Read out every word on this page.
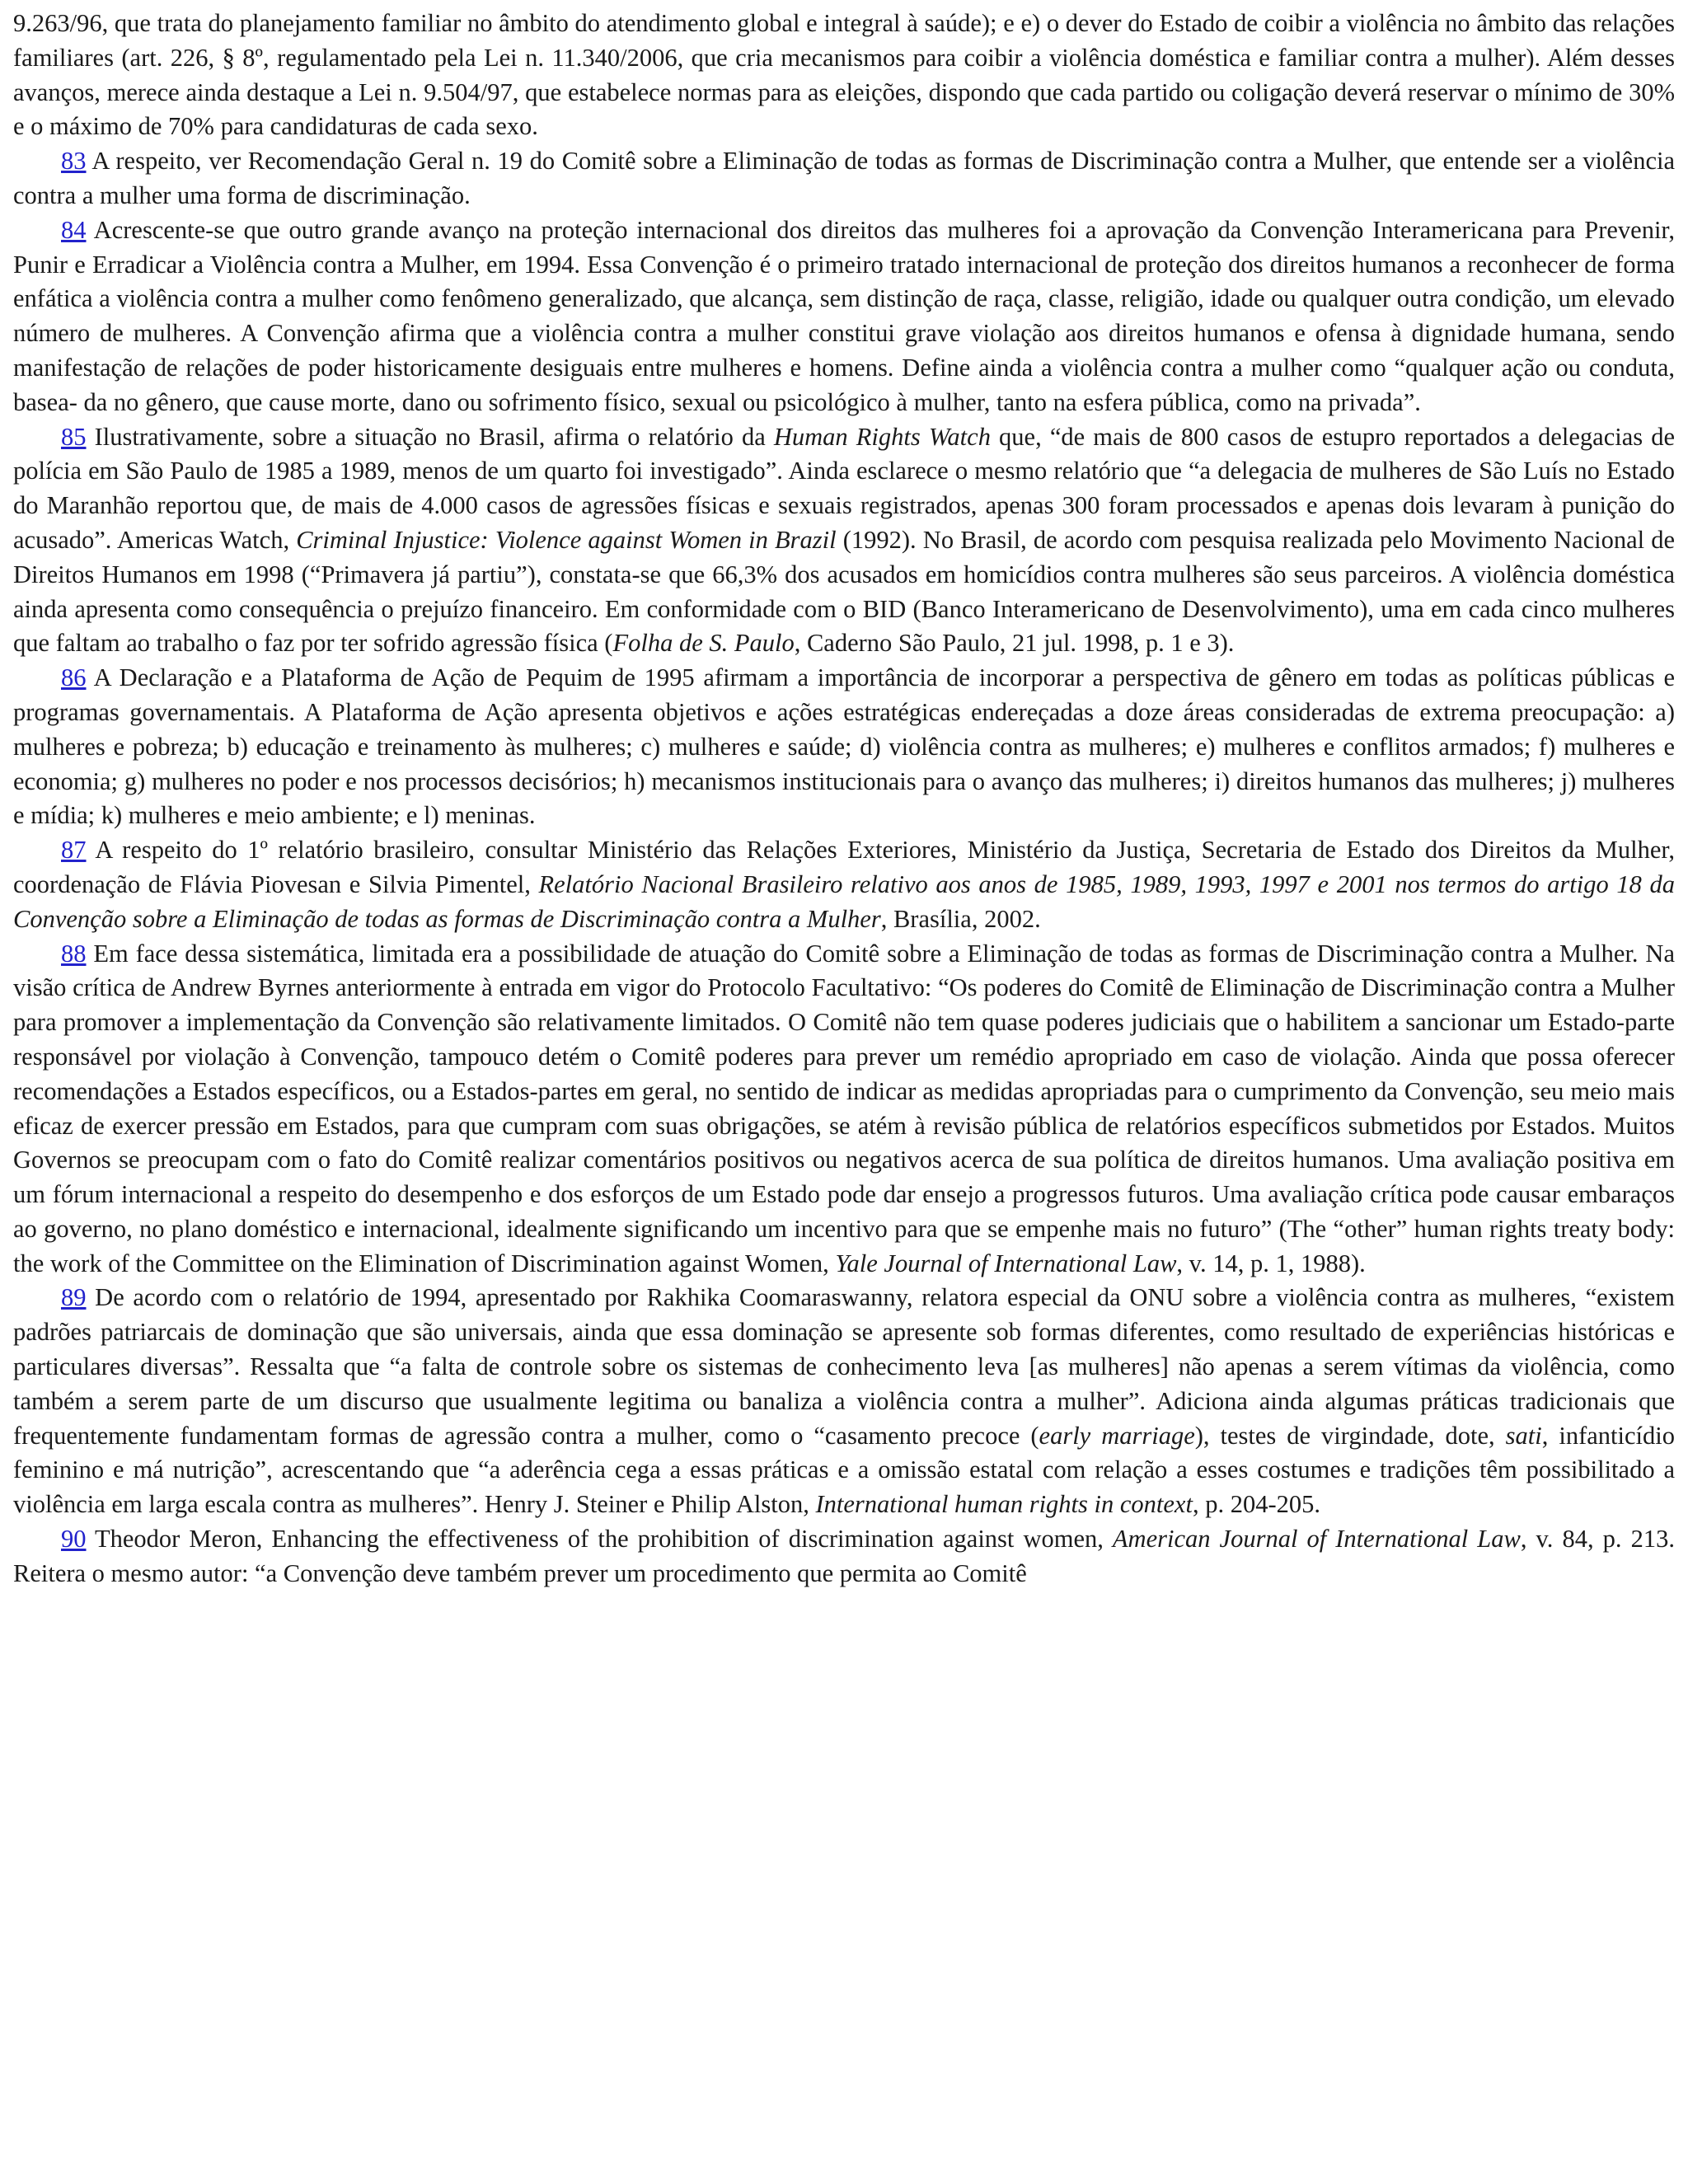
9.263/96, que trata do planejamento familiar no âmbito do atendimento global e integral à saúde); e e) o dever do Estado de coibir a violência no âmbito das relações familiares (art. 226, § 8º, regulamentado pela Lei n. 11.340/2006, que cria mecanismos para coibir a violência doméstica e familiar contra a mulher). Além desses avanços, merece ainda destaque a Lei n. 9.504/97, que estabelece normas para as eleições, dispondo que cada partido ou coligação deverá reservar o mínimo de 30% e o máximo de 70% para candidaturas de cada sexo.

83 A respeito, ver Recomendação Geral n. 19 do Comitê sobre a Eliminação de todas as formas de Discriminação contra a Mulher, que entende ser a violência contra a mulher uma forma de discriminação.

84 Acrescente-se que outro grande avanço na proteção internacional dos direitos das mulheres foi a aprovação da Convenção Interamericana para Prevenir, Punir e Erradicar a Violência contra a Mulher, em 1994. Essa Convenção é o primeiro tratado internacional de proteção dos direitos humanos a reconhecer de forma enfática a violência contra a mulher como fenômeno generalizado, que alcança, sem distinção de raça, classe, religião, idade ou qualquer outra condição, um elevado número de mulheres. A Convenção afirma que a violência contra a mulher constitui grave violação aos direitos humanos e ofensa à dignidade humana, sendo manifestação de relações de poder historicamente desiguais entre mulheres e homens. Define ainda a violência contra a mulher como “qualquer ação ou conduta, basea- da no gênero, que cause morte, dano ou sofrimento físico, sexual ou psicológico à mulher, tanto na esfera pública, como na privada”.

85 Ilustrativamente, sobre a situação no Brasil, afirma o relatório da Human Rights Watch que, “de mais de 800 casos de estupro reportados a delegacias de polícia em São Paulo de 1985 a 1989, menos de um quarto foi investigado”. Ainda esclarece o mesmo relatório que “a delegacia de mulheres de São Luís no Estado do Maranhão reportou que, de mais de 4.000 casos de agressões físicas e sexuais registrados, apenas 300 foram processados e apenas dois levaram à punição do acusado”. Americas Watch, Criminal Injustice: Violence against Women in Brazil (1992). No Brasil, de acordo com pesquisa realizada pelo Movimento Nacional de Direitos Humanos em 1998 (“Primavera já partiu”), constata-se que 66,3% dos acusados em homicídios contra mulheres são seus parceiros. A violência doméstica ainda apresenta como consequência o prejuízo financeiro. Em conformidade com o BID (Banco Interamericano de Desenvolvimento), uma em cada cinco mulheres que faltam ao trabalho o faz por ter sofrido agressão física (Folha de S. Paulo, Caderno São Paulo, 21 jul. 1998, p. 1 e 3).

86 A Declaração e a Plataforma de Ação de Pequim de 1995 afirmam a importância de incorporar a perspectiva de gênero em todas as políticas públicas e programas governamentais. A Plataforma de Ação apresenta objetivos e ações estratégicas endereçadas a doze áreas consideradas de extrema preocupação: a) mulheres e pobreza; b) educação e treinamento às mulheres; c) mulheres e saúde; d) violência contra as mulheres; e) mulheres e conflitos armados; f) mulheres e economia; g) mulheres no poder e nos processos decisórios; h) mecanismos institucionais para o avanço das mulheres; i) direitos humanos das mulheres; j) mulheres e mídia; k) mulheres e meio ambiente; e l) meninas.

87 A respeito do 1º relatório brasileiro, consultar Ministério das Relações Exteriores, Ministério da Justiça, Secretaria de Estado dos Direitos da Mulher, coordenação de Flávia Piovesan e Silvia Pimentel, Relatório Nacional Brasileiro relativo aos anos de 1985, 1989, 1993, 1997 e 2001 nos termos do artigo 18 da Convenção sobre a Eliminação de todas as formas de Discriminação contra a Mulher, Brasília, 2002.

88 Em face dessa sistemática, limitada era a possibilidade de atuação do Comitê sobre a Eliminação de todas as formas de Discriminação contra a Mulher. Na visão crítica de Andrew Byrnes anteriormente à entrada em vigor do Protocolo Facultativo: “Os poderes do Comitê de Eliminação de Discriminação contra a Mulher para promover a implementação da Convenção são relativamente limitados. O Comitê não tem quase poderes judiciais que o habilitem a sancionar um Estado-parte responsável por violação à Convenção, tampouco detém o Comitê poderes para prever um remédio apropriado em caso de violação. Ainda que possa oferecer recomendações a Estados específicos, ou a Estados-partes em geral, no sentido de indicar as medidas apropriadas para o cumprimento da Convenção, seu meio mais eficaz de exercer pressão em Estados, para que cumpram com suas obrigações, se atém à revisão pública de relatórios específicos submetidos por Estados. Muitos Governos se preocupam com o fato do Comitê realizar comentários positivos ou negativos acerca de sua política de direitos humanos. Uma avaliação positiva em um fórum internacional a respeito do desempenho e dos esforços de um Estado pode dar ensejo a progressos futuros. Uma avaliação crítica pode causar embaraços ao governo, no plano doméstico e internacional, idealmente significando um incentivo para que se empenhe mais no futuro” (The “other” human rights treaty body: the work of the Committee on the Elimination of Discrimination against Women, Yale Journal of International Law, v. 14, p. 1, 1988).

89 De acordo com o relatório de 1994, apresentado por Rakhika Coomaraswanny, relatora especial da ONU sobre a violência contra as mulheres, “existem padrões patriarcais de dominação que são universais, ainda que essa dominação se apresente sob formas diferentes, como resultado de experiências históricas e particulares diversas”. Ressalta que “a falta de controle sobre os sistemas de conhecimento leva [as mulheres] não apenas a serem vítimas da violência, como também a serem parte de um discurso que usualmente legitima ou banaliza a violência contra a mulher”. Adiciona ainda algumas práticas tradicionais que frequentemente fundamentam formas de agressão contra a mulher, como o “casamento precoce (early marriage), testes de virgindade, dote, sati, infanticídio feminino e má nutrição”, acrescentando que “a aderência cega a essas práticas e a omissão estatal com relação a esses costumes e tradições têm possibilitado a violência em larga escala contra as mulheres”. Henry J. Steiner e Philip Alston, International human rights in context, p. 204-205.

90 Theodor Meron, Enhancing the effectiveness of the prohibition of discrimination against women, American Journal of International Law, v. 84, p. 213. Reitera o mesmo autor: “a Convenção deve também prever um procedimento que permita ao Comitê
